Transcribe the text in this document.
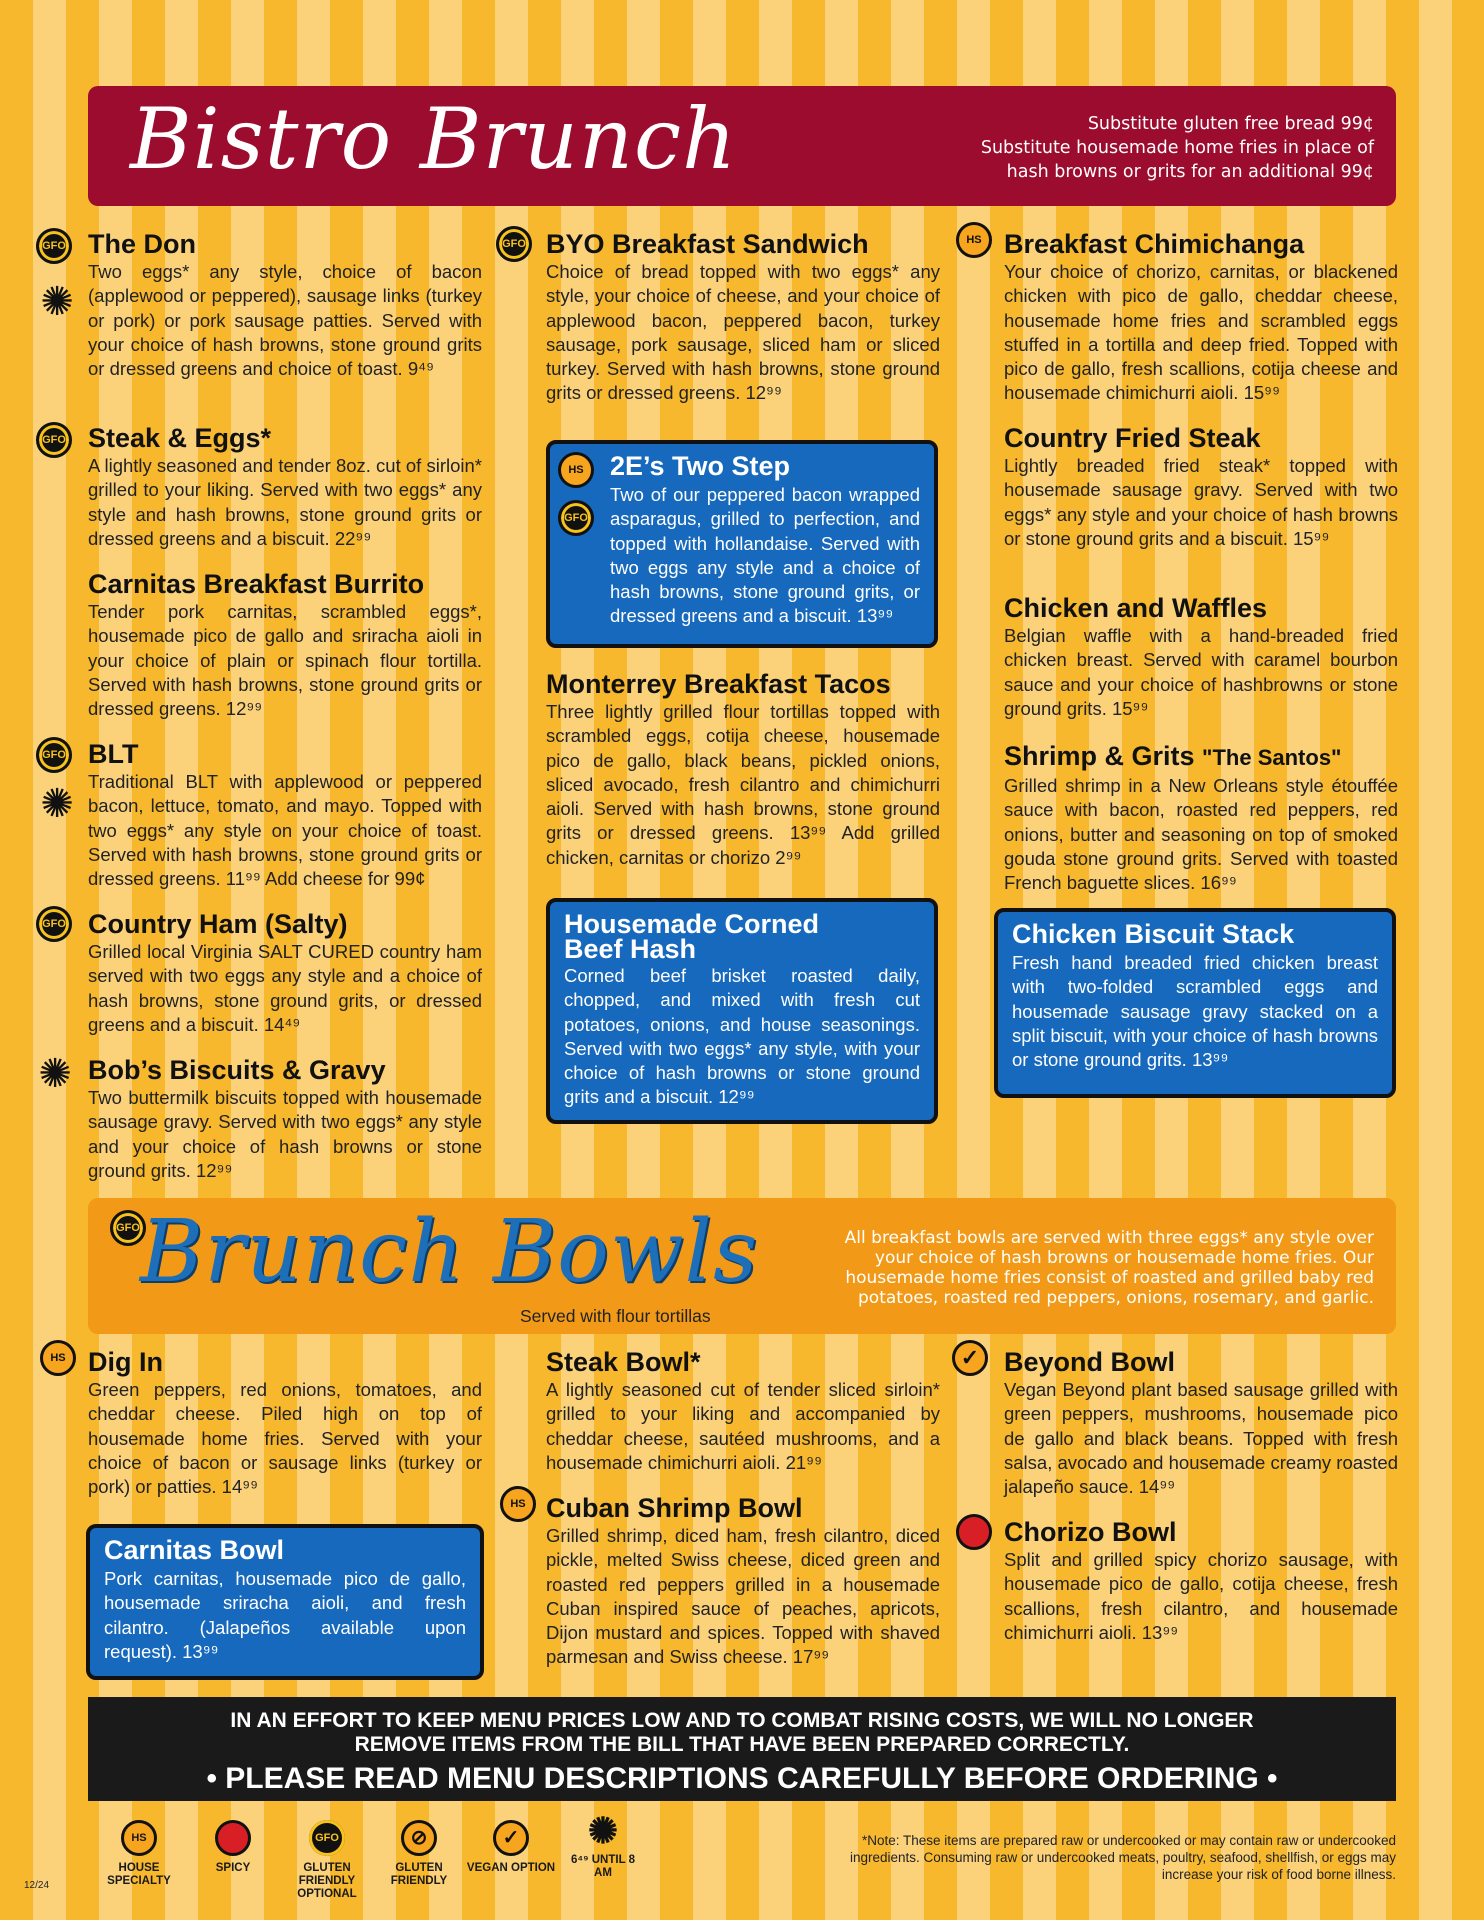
Bistro Brunch	Substitute gluten free bread 99¢
Substitute housemade home fries in place of
hash browns or grits for an additional 99¢
GFO
✺
The Don

Two eggs* any style, choice of bacon (applewood or peppered), sausage links (turkey or pork) or pork sausage patties. Served with your choice of hash browns, stone ground grits or dressed greens and choice of toast. 9⁴⁹

GFO Steak & Eggs*

A lightly seasoned and tender 8oz. cut of sirloin* grilled to your liking. Served with two eggs* any style and hash browns, stone ground grits or dressed greens and a biscuit. 22⁹⁹

Carnitas Breakfast Burrito

Tender pork carnitas, scrambled eggs*, housemade pico de gallo and sriracha aioli in your choice of plain or spinach flour tortilla. Served with hash browns, stone ground grits or dressed greens. 12⁹⁹

GFO
✺
BLT

Traditional BLT with applewood or peppered bacon, lettuce, tomato, and mayo. Topped with two eggs* any style on your choice of toast. Served with hash browns, stone ground grits or dressed greens. 11⁹⁹ Add cheese for 99¢

GFO Country Ham (Salty)

Grilled local Virginia SALT CURED country ham served with two eggs any style and a choice of hash browns, stone ground grits, or dressed greens and a biscuit. 14⁴⁹

✺ Bob’s Biscuits & Gravy

Two buttermilk biscuits topped with housemade sausage gravy. Served with two eggs* any style and your choice of hash browns or stone ground grits. 12⁹⁹

GFO BYO Breakfast Sandwich

Choice of bread topped with two eggs* any style, your choice of cheese, and your choice of applewood bacon, peppered bacon, turkey sausage, pork sausage, sliced ham or sliced turkey. Served with hash browns, stone ground grits or dressed greens. 12⁹⁹

2E’s Two Step

Two of our peppered bacon wrapped asparagus, grilled to perfection, and topped with hollandaise. Served with two eggs any style and a choice of hash browns, stone ground grits, or dressed greens and a biscuit. 13⁹⁹

HS
GFO
Monterrey Breakfast Tacos

Three lightly grilled flour tortillas topped with scrambled eggs, cotija cheese, housemade pico de gallo, black beans, pickled onions, sliced avocado, fresh cilantro and chimichurri aioli. Served with hash browns, stone ground grits or dressed greens. 13⁹⁹ Add grilled chicken, carnitas or chorizo 2⁹⁹

Housemade Corned
Beef Hash

Corned beef brisket roasted daily, chopped, and mixed with fresh cut potatoes, onions, and house seasonings. Served with two eggs* any style, with your choice of hash browns or stone ground grits and a biscuit. 12⁹⁹

HS Breakfast Chimichanga

Your choice of chorizo, carnitas, or blackened chicken with pico de gallo, cheddar cheese, housemade home fries and scrambled eggs stuffed in a tortilla and deep fried. Topped with pico de gallo, fresh scallions, cotija cheese and housemade chimichurri aioli. 15⁹⁹

Country Fried Steak

Lightly breaded fried steak* topped with housemade sausage gravy. Served with two eggs* any style and your choice of hash browns or stone ground grits and a biscuit. 15⁹⁹

Chicken and Waffles

Belgian waffle with a hand-breaded fried chicken breast. Served with caramel bourbon sauce and your choice of hashbrowns or stone ground grits. 15⁹⁹

Shrimp & Grits "The Santos"

Grilled shrimp in a New Orleans style étouffée sauce with bacon, roasted red peppers, red onions, butter and seasoning on top of smoked gouda stone ground grits. Served with toasted French baguette slices. 16⁹⁹

Chicken Biscuit Stack

Fresh hand breaded fried chicken breast with two-folded scrambled eggs and housemade sausage gravy stacked on a split biscuit, with your choice of hash browns or stone ground grits. 13⁹⁹

GFO Brunch Bowls
Served with flour tortillas
All breakfast bowls are served with three eggs* any style over
your choice of hash browns or housemade home fries. Our
housemade home fries consist of roasted and grilled baby red
potatoes, roasted red peppers, onions, rosemary, and garlic.
HS Dig In

Green peppers, red onions, tomatoes, and cheddar cheese. Piled high on top of housemade home fries. Served with your choice of bacon or sausage links (turkey or pork) or patties. 14⁹⁹

Carnitas Bowl

Pork carnitas, housemade pico de gallo, housemade sriracha aioli, and fresh cilantro. (Jalapeños available upon request). 13⁹⁹

Steak Bowl*

A lightly seasoned cut of tender sliced sirloin* grilled to your liking and accompanied by cheddar cheese, sautéed mushrooms, and a housemade chimichurri aioli. 21⁹⁹

HS Cuban Shrimp Bowl

Grilled shrimp, diced ham, fresh cilantro, diced pickle, melted Swiss cheese, diced green and roasted red peppers grilled in a housemade Cuban inspired sauce of peaches, apricots, Dijon mustard and spices. Topped with shaved parmesan and Swiss cheese. 17⁹⁹

✓ Beyond Bowl

Vegan Beyond plant based sausage grilled with green peppers, mushrooms, housemade pico de gallo and black beans. Topped with fresh salsa, avocado and housemade creamy roasted jalapeño sauce. 14⁹⁹

Chorizo Bowl

Split and grilled spicy chorizo sausage, with housemade pico de gallo, cotija cheese, fresh scallions, fresh cilantro, and housemade chimichurri aioli. 13⁹⁹

IN AN EFFORT TO KEEP MENU PRICES LOW AND TO COMBAT RISING COSTS, WE WILL NO LONGER
REMOVE ITEMS FROM THE BILL THAT HAVE BEEN PREPARED CORRECTLY.
• PLEASE READ MENU DESCRIPTIONS CAREFULLY BEFORE ORDERING •
HS
HOUSE SPECIALTY
SPICY
GFO
GLUTEN FRIENDLY OPTIONAL
⊘
GLUTEN FRIENDLY
✓
VEGAN OPTION
✺
6⁴⁹ UNTIL 8 AM
*Note: These items are prepared raw or undercooked or may contain raw or undercooked ingredients. Consuming raw or undercooked meats, poultry, seafood, shellfish, or eggs may increase your risk of food borne illness.
12/24
